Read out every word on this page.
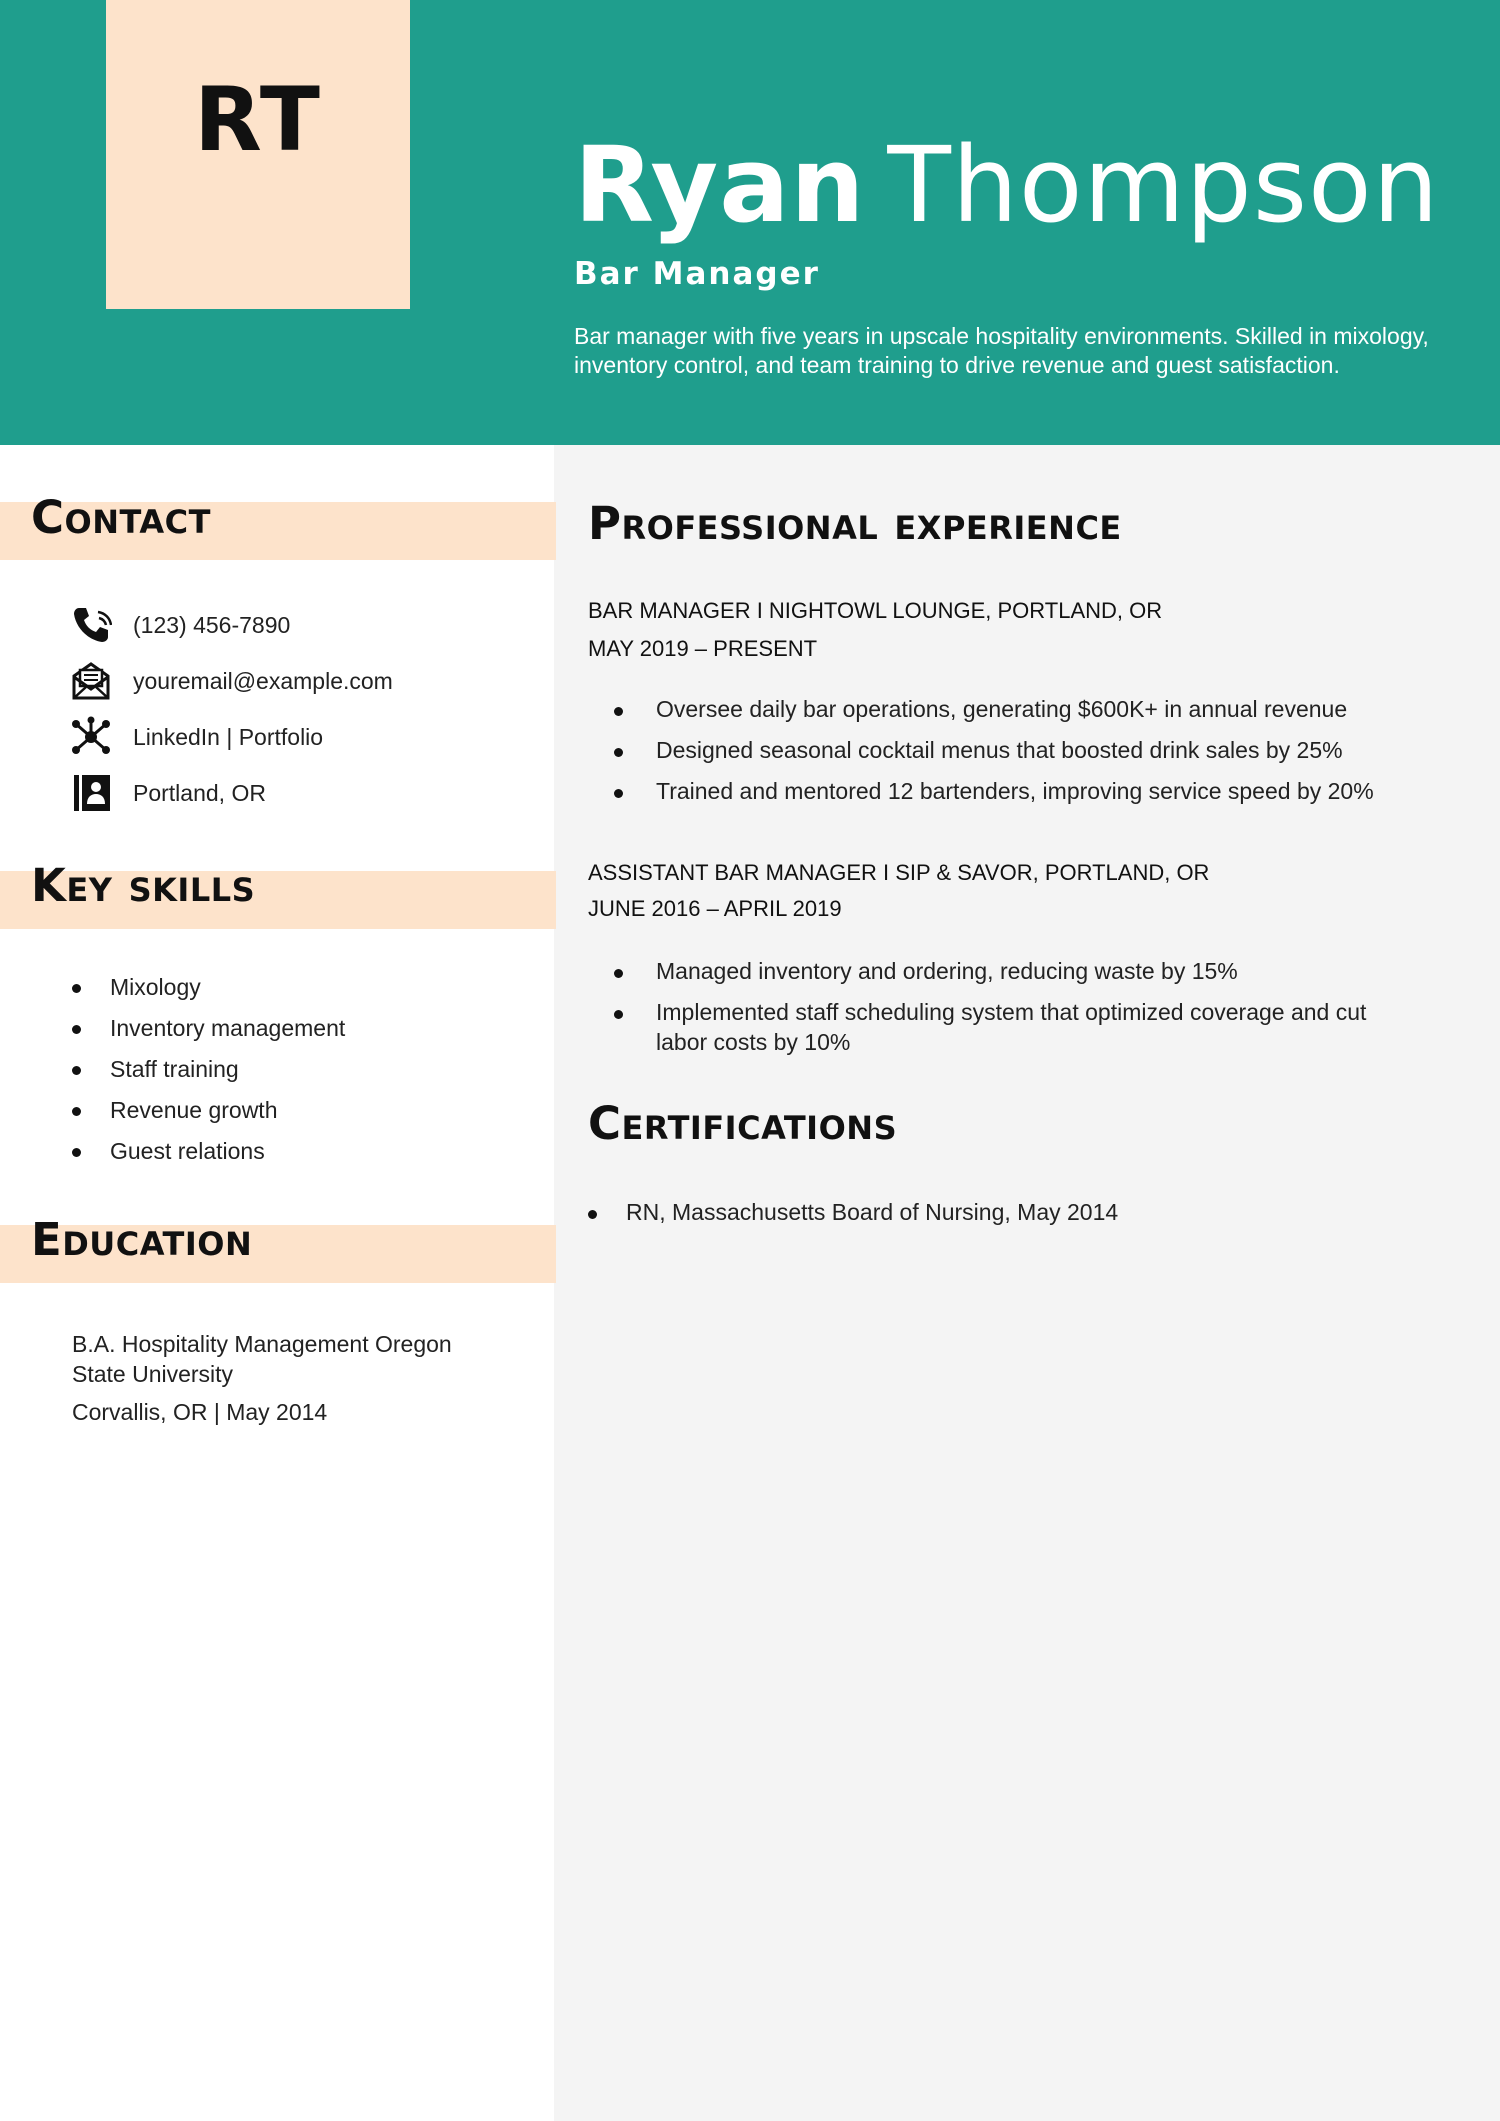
RT
Ryan Thompson
Bar Manager
Bar manager with five years in upscale hospitality environments. Skilled in mixology, inventory control, and team training to drive revenue and guest satisfaction.
Contact
(123) 456-7890
youremail@example.com
LinkedIn | Portfolio
Portland, OR
Key skills
Mixology
Inventory management
Staff training
Revenue growth
Guest relations
Education
B.A. Hospitality Management Oregon State University
Corvallis, OR | May 2014
Professional experience
BAR MANAGER I NIGHTOWL LOUNGE, PORTLAND, OR
MAY 2019 – PRESENT
Oversee daily bar operations, generating $600K+ in annual revenue
Designed seasonal cocktail menus that boosted drink sales by 25%
Trained and mentored 12 bartenders, improving service speed by 20%
ASSISTANT BAR MANAGER I SIP & SAVOR, PORTLAND, OR
JUNE 2016 – APRIL 2019
Managed inventory and ordering, reducing waste by 15%
Implemented staff scheduling system that optimized coverage and cut labor costs by 10%
Certifications
RN, Massachusetts Board of Nursing, May 2014
